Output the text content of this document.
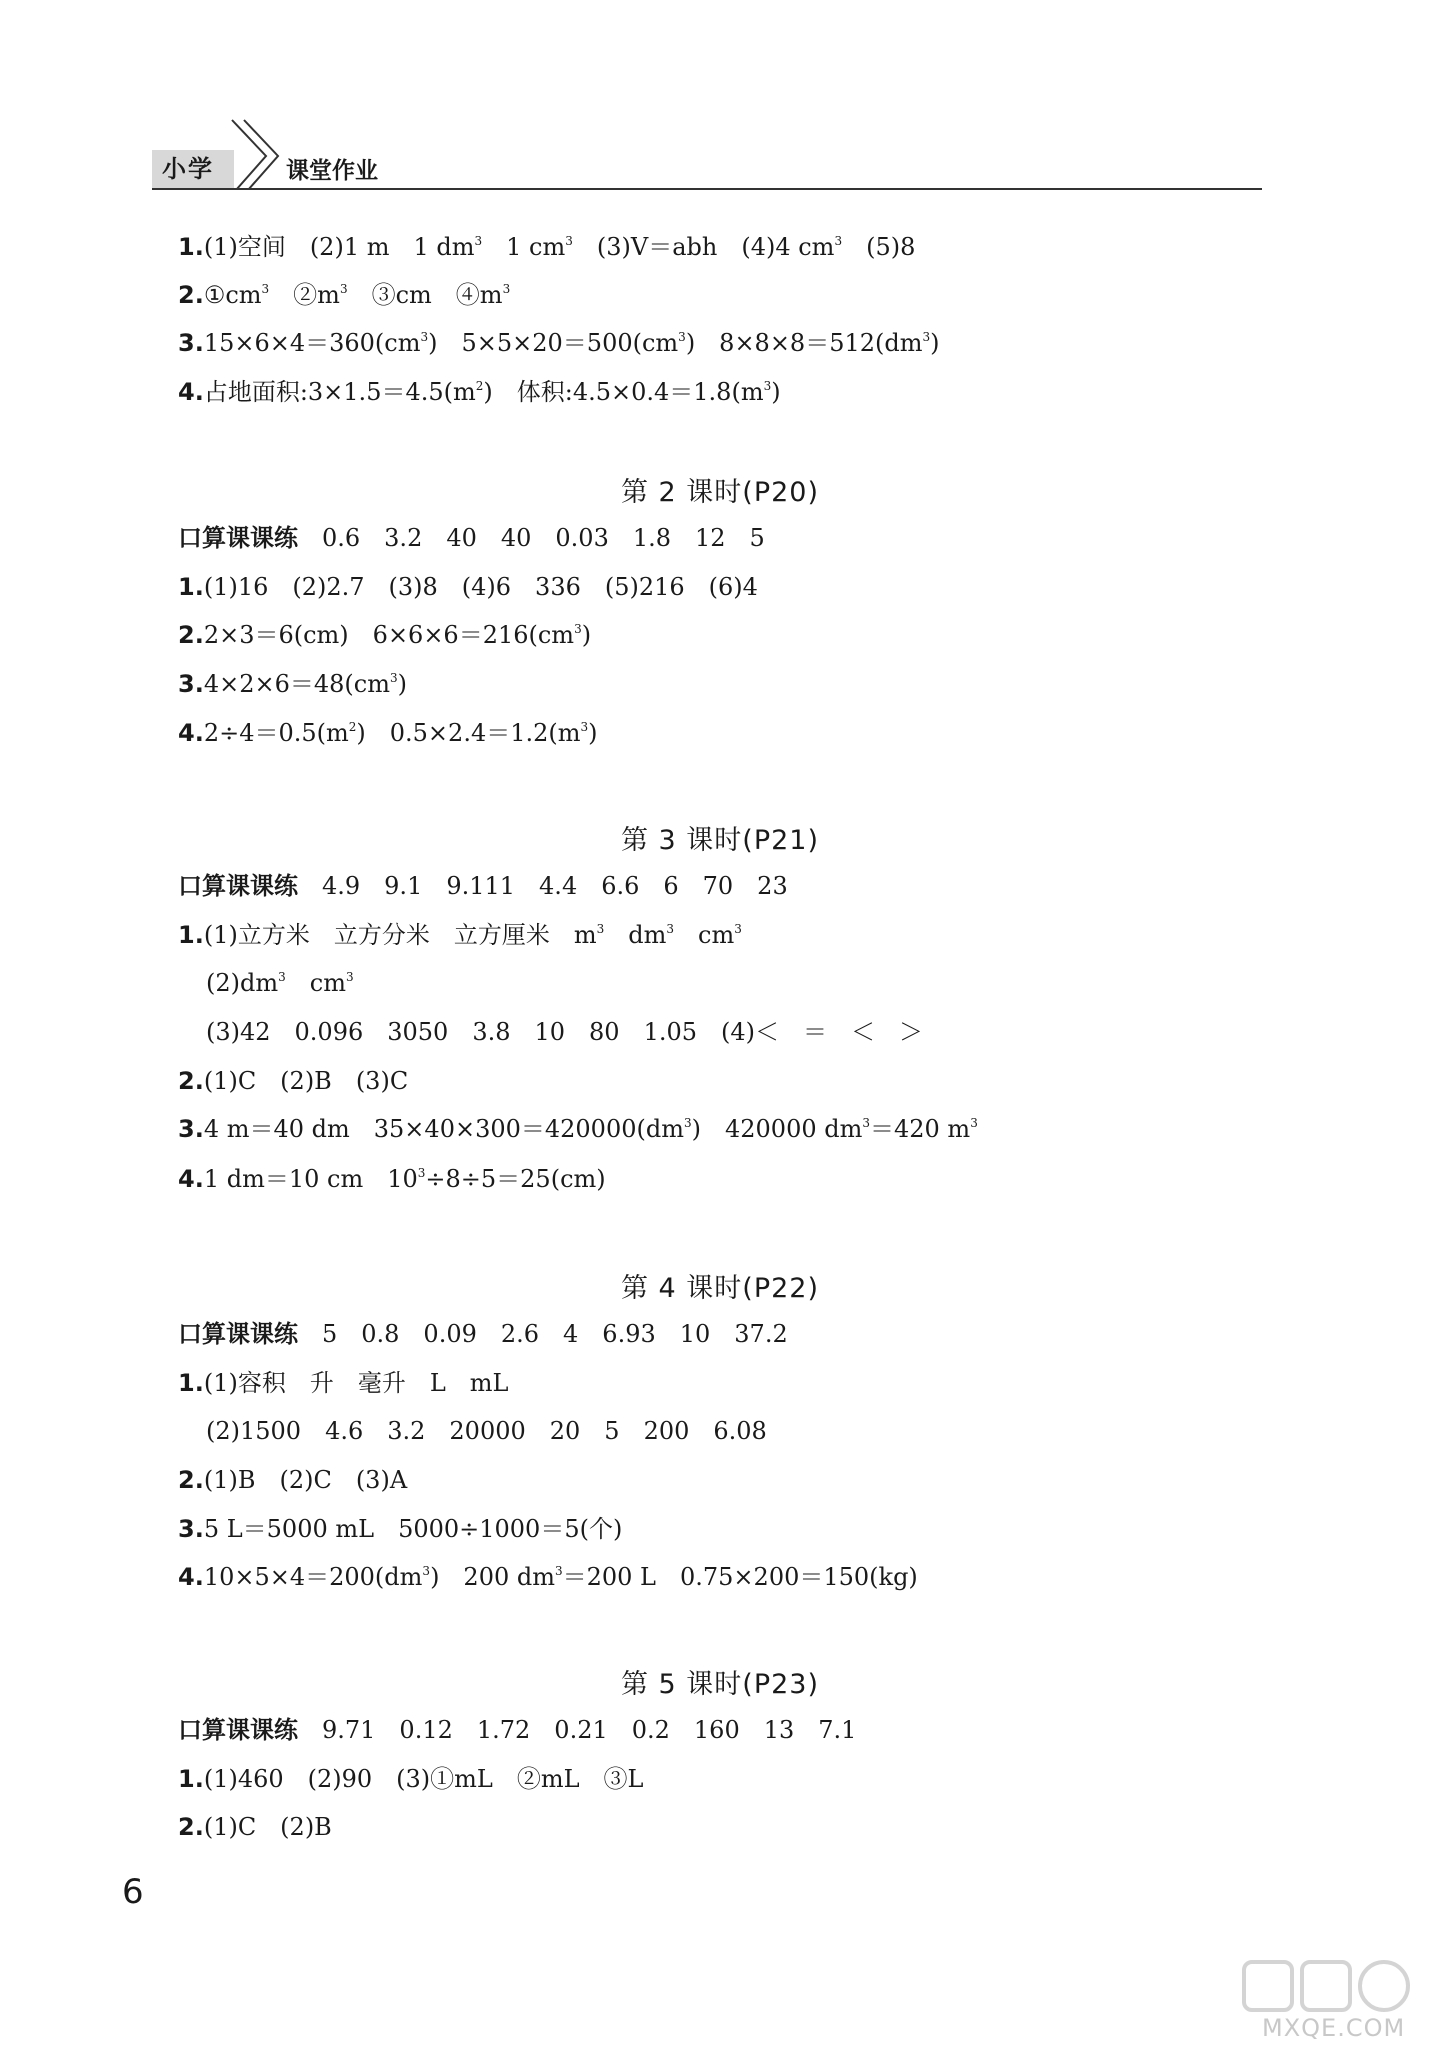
小学	课堂作业
1.(1)空间　(2)1 m　1 $dm^3$　1 $cm^3$　(3)V＝abh　(4)4 $cm^3$　(5)8
$2.①cm^3$　$②m^3$　③cm　$④m^3$
$3.15\times 6\times 4=360(cm^3)$　$5\times 5\times 20=500(cm^3)$　$8\times 8\times 8=512(dm^3)$
4.占地面积$:3\times 1.5=4.5(m^2)$　体积$:4.5\times 0.4=1.8(m^3)$
第 2 课时(P20)
口算课课练　 0.6　3.2　40　40　0.03　1.8　12　5
1.(1)16　(2)2.7　(3)8　(4)6　336　(5)216　(6)4
2.2×3＝6(cm)　$6\times 6\times 6=216(cm^3)$
$3.4\times 2\times 6=48(cm^3)$
$4.2\div 4=0.5(m^2)$　$0.5\times 2.4=1.2(m^3)$
第 3 课时(P21)
口算课课练　 4.9　9.1　9.111　4.4　6.6　6　70　23
1.(1)立方米　立方分米　立方厘米　$m^3$　$dm^3$　$cm^3$
$(2)dm^3$　$cm^3$
(3)42　0.096　3050　3.8　10　80　1.05　(4)＜　＝　＜　＞
2.(1)C　(2)B　(3)C
3.4 m＝40 dm　$35\times 40\times 300=420000(dm^3)$　420000 $dm^3=420$ $m^3$
4.1 dm＝10 cm　$10^3\div 8\div 5=25(cm)$
第 4 课时(P22)
口算课课练　 5　0.8　0.09　2.6　4　6.93　10　37.2
1.(1)容积　升　毫升　L　mL
(2)1500　4.6　3.2　20000　20　5　200　6.08
2.(1)B　(2)C　(3)A
3.5 L＝5000 mL　5000÷1000＝5(个)
$4.10\times 5\times 4=200(dm^3)$　200 $dm^3=200$ L　0.75×200＝150(kg)
第 5 课时(P23)
口算课课练　 9.71　0.12　1.72　0.21　0.2　160　13　7.1
1.(1)460　(2)90　(3)①mL　②mL　③L
2.(1)C　(2)B
6
MXQE.COM
